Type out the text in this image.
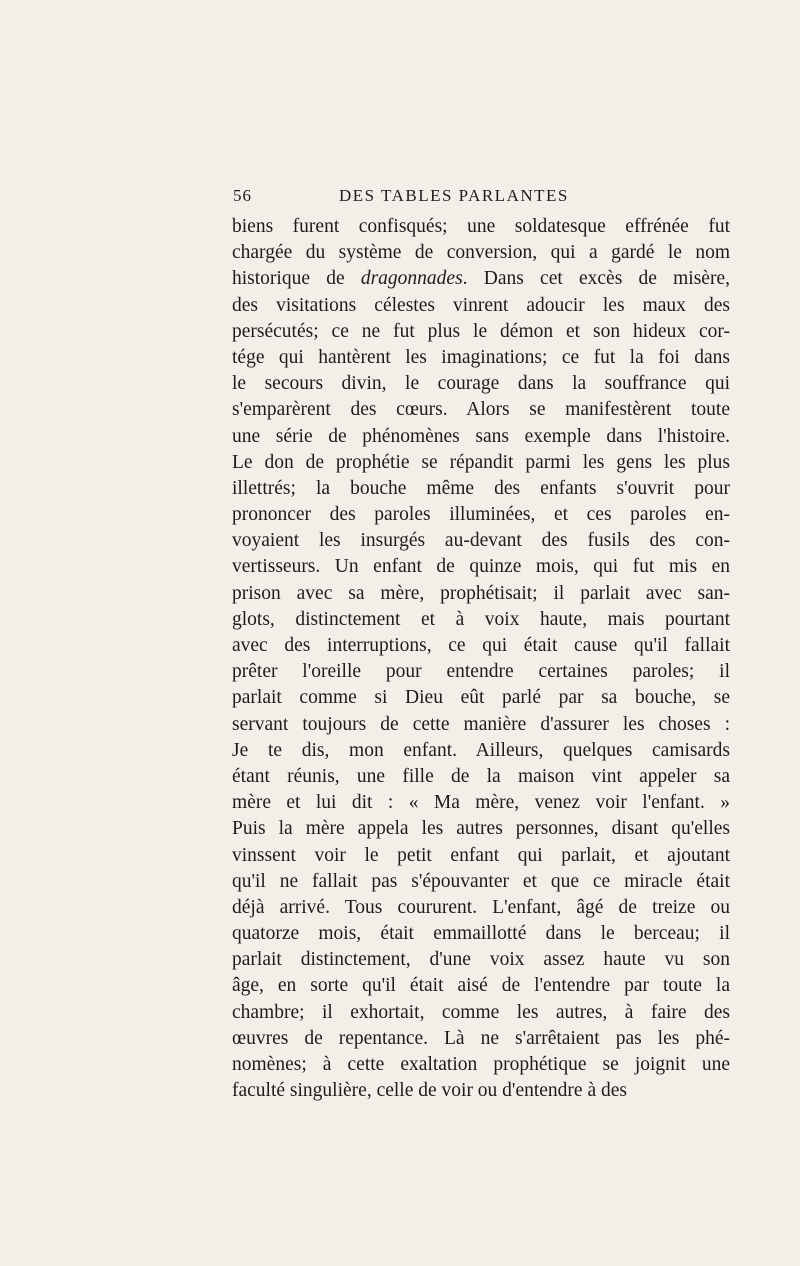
56	DES TABLES PARLANTES
biens furent confisqués; une soldatesque effrénée fut
chargée du système de conversion, qui a gardé le nom
historique de dragonnades. Dans cet excès de misère,
des visitations célestes vinrent adoucir les maux des
persécutés; ce ne fut plus le démon et son hideux cor-
tége qui hantèrent les imaginations; ce fut la foi dans
le secours divin, le courage dans la souffrance qui
s'emparèrent des cœurs. Alors se manifestèrent toute
une série de phénomènes sans exemple dans l'histoire.
Le don de prophétie se répandit parmi les gens les plus
illettrés; la bouche même des enfants s'ouvrit pour
prononcer des paroles illuminées, et ces paroles en-
voyaient les insurgés au-devant des fusils des con-
vertisseurs. Un enfant de quinze mois, qui fut mis en
prison avec sa mère, prophétisait; il parlait avec san-
glots, distinctement et à voix haute, mais pourtant
avec des interruptions, ce qui était cause qu'il fallait
prêter l'oreille pour entendre certaines paroles; il
parlait comme si Dieu eût parlé par sa bouche, se
servant toujours de cette manière d'assurer les choses :
Je te dis, mon enfant. Ailleurs, quelques camisards
étant réunis, une fille de la maison vint appeler sa
mère et lui dit : « Ma mère, venez voir l'enfant. »
Puis la mère appela les autres personnes, disant qu'elles
vinssent voir le petit enfant qui parlait, et ajoutant
qu'il ne fallait pas s'épouvanter et que ce miracle était
déjà arrivé. Tous coururent. L'enfant, âgé de treize ou
quatorze mois, était emmaillotté dans le berceau; il
parlait distinctement, d'une voix assez haute vu son
âge, en sorte qu'il était aisé de l'entendre par toute la
chambre; il exhortait, comme les autres, à faire des
œuvres de repentance. Là ne s'arrêtaient pas les phé-
nomènes; à cette exaltation prophétique se joignit une
faculté singulière, celle de voir ou d'entendre à des
